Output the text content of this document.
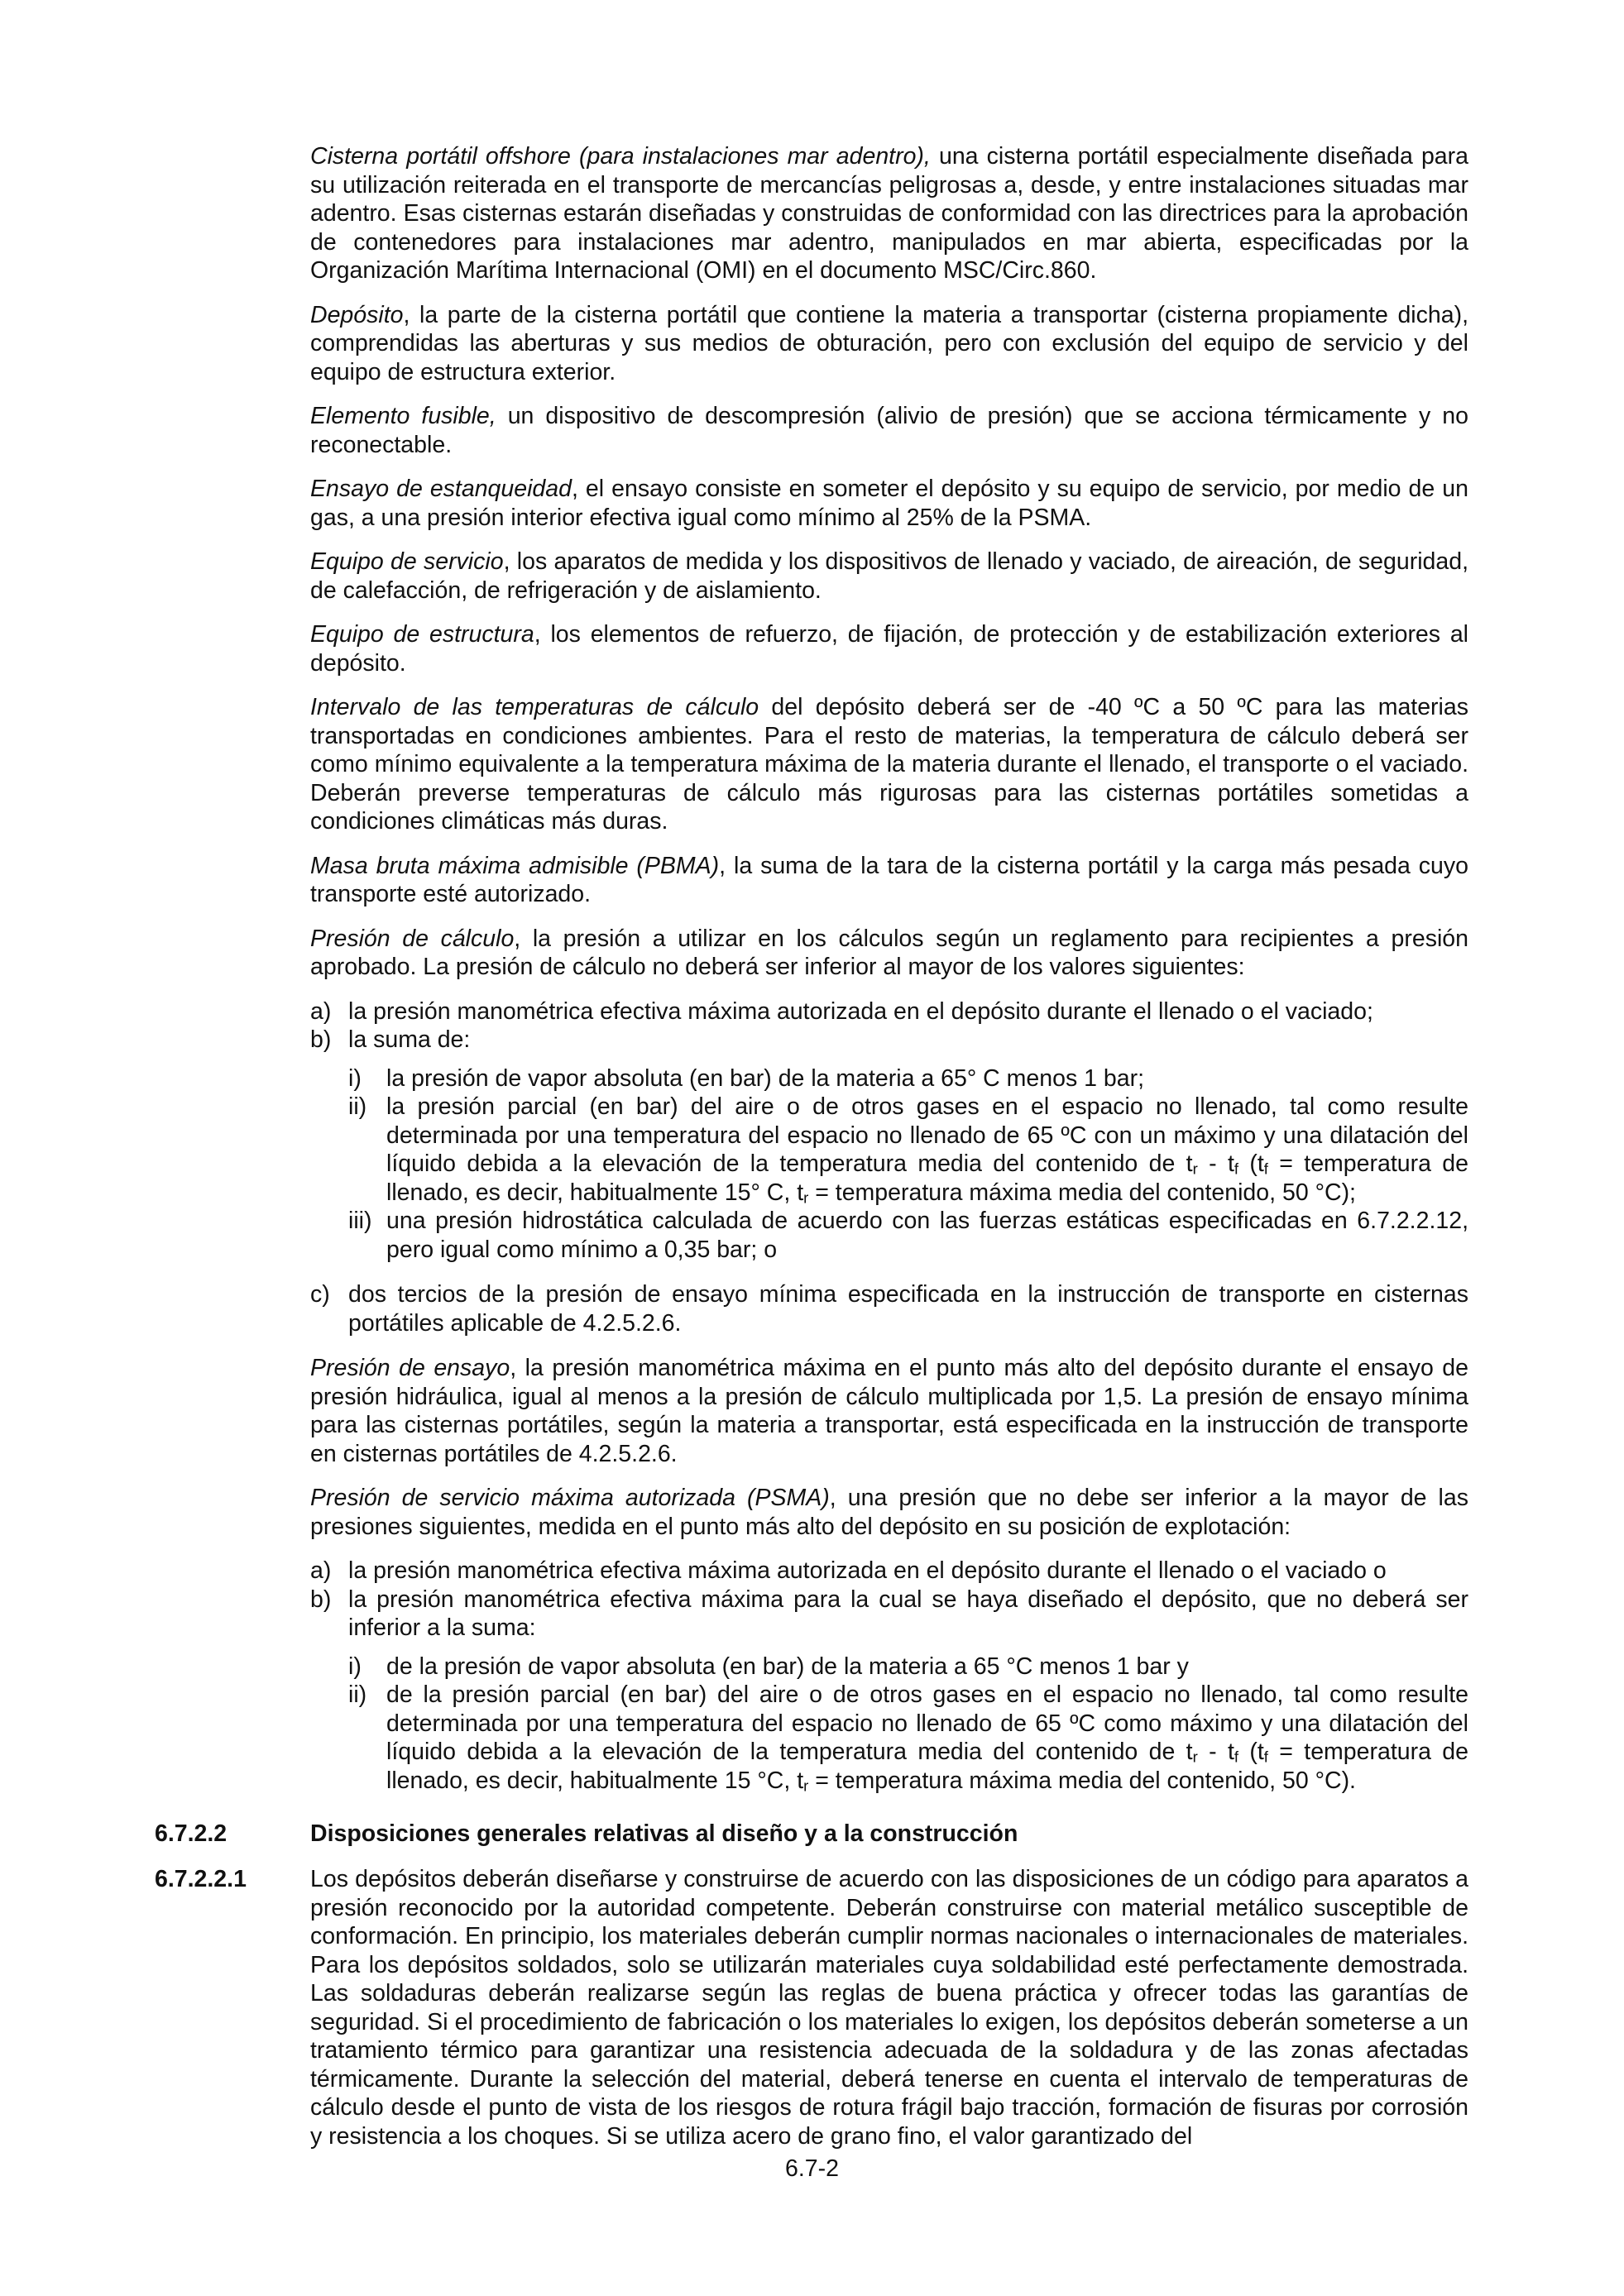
Cisterna portátil offshore (para instalaciones mar adentro), una cisterna portátil especialmente diseñada para su utilización reiterada en el transporte de mercancías peligrosas a, desde, y entre instalaciones situadas mar adentro. Esas cisternas estarán diseñadas y construidas de conformidad con las directrices para la aprobación de contenedores para instalaciones mar adentro, manipulados en mar abierta, especificadas por la Organización Marítima Internacional (OMI) en el documento MSC/Circ.860.

Depósito, la parte de la cisterna portátil que contiene la materia a transportar (cisterna propiamente dicha), comprendidas las aberturas y sus medios de obturación, pero con exclusión del equipo de servicio y del equipo de estructura exterior.

Elemento fusible, un dispositivo de descompresión (alivio de presión) que se acciona térmicamente y no reconectable.

Ensayo de estanqueidad, el ensayo consiste en someter el depósito y su equipo de servicio, por medio de un gas, a una presión interior efectiva igual como mínimo al 25% de la PSMA.

Equipo de servicio, los aparatos de medida y los dispositivos de llenado y vaciado, de aireación, de seguridad, de calefacción, de refrigeración y de aislamiento.

Equipo de estructura, los elementos de refuerzo, de fijación, de protección y de estabilización exteriores al depósito.

Intervalo de las temperaturas de cálculo del depósito deberá ser de -40 ºC a 50 ºC para las materias transportadas en condiciones ambientes. Para el resto de materias, la temperatura de cálculo deberá ser como mínimo equivalente a la temperatura máxima de la materia durante el llenado, el transporte o el vaciado. Deberán preverse temperaturas de cálculo más rigurosas para las cisternas portátiles sometidas a condiciones climáticas más duras.

Masa bruta máxima admisible (PBMA), la suma de la tara de la cisterna portátil y la carga más pesada cuyo transporte esté autorizado.

Presión de cálculo, la presión a utilizar en los cálculos según un reglamento para recipientes a presión aprobado. La presión de cálculo no deberá ser inferior al mayor de los valores siguientes:

a) la presión manométrica efectiva máxima autorizada en el depósito durante el llenado o el vaciado;
b) la suma de:
i)	la presión de vapor absoluta (en bar) de la materia a 65° C menos 1 bar;
ii) la presión parcial (en bar) del aire o de otros gases en el espacio no llenado, tal como resulte determinada por una temperatura del espacio no llenado de 65 ºC con un máximo y una dilatación del líquido debida a la elevación de la temperatura media del contenido de $t_r - t_f$ ($t_f$ = temperatura de llenado, es decir, habitualmente 15° C, $t_r$ = temperatura máxima media del contenido, 50 °C);
iii) una presión hidrostática calculada de acuerdo con las fuerzas estáticas especificadas en 6.7.2.2.12, pero igual como mínimo a 0,35 bar; o
c) dos tercios de la presión de ensayo mínima especificada en la instrucción de transporte en cisternas portátiles aplicable de 4.2.5.2.6.

Presión de ensayo, la presión manométrica máxima en el punto más alto del depósito durante el ensayo de presión hidráulica, igual al menos a la presión de cálculo multiplicada por 1,5. La presión de ensayo mínima para las cisternas portátiles, según la materia a transportar, está especificada en la instrucción de transporte en cisternas portátiles de 4.2.5.2.6.

Presión de servicio máxima autorizada (PSMA), una presión que no debe ser inferior a la mayor de las presiones siguientes, medida en el punto más alto del depósito en su posición de explotación:

a) la presión manométrica efectiva máxima autorizada en el depósito durante el llenado o el vaciado o
b) la presión manométrica efectiva máxima para la cual se haya diseñado el depósito, que no deberá ser inferior a la suma:
i)	de la presión de vapor absoluta (en bar) de la materia a 65 °C menos 1 bar y
ii) de la presión parcial (en bar) del aire o de otros gases en el espacio no llenado, tal como resulte determinada por una temperatura del espacio no llenado de 65 ºC como máximo y una dilatación del líquido debida a la elevación de la temperatura media del contenido de $t_r - t_f$ ($t_f$ = temperatura de llenado, es decir, habitualmente 15 °C, $t_r$ = temperatura máxima media del contenido, 50 °C).
6.7.2.2	Disposiciones generales relativas al diseño y a la construcción
6.7.2.2.1	Los depósitos deberán diseñarse y construirse de acuerdo con las disposiciones de un código para aparatos a presión reconocido por la autoridad competente. Deberán construirse con material metálico susceptible de conformación. En principio, los materiales deberán cumplir normas nacionales o internacionales de materiales. Para los depósitos soldados, solo se utilizarán materiales cuya soldabilidad esté perfectamente demostrada. Las soldaduras deberán realizarse según las reglas de buena práctica y ofrecer todas las garantías de seguridad. Si el procedimiento de fabricación o los materiales lo exigen, los depósitos deberán someterse a un tratamiento térmico para garantizar una resistencia adecuada de la soldadura y de las zonas afectadas térmicamente. Durante la selección del material, deberá tenerse en cuenta el intervalo de temperaturas de cálculo desde el punto de vista de los riesgos de rotura frágil bajo tracción, formación de fisuras por corrosión y resistencia a los choques. Si se utiliza acero de grano fino, el valor garantizado del
6.7-2
